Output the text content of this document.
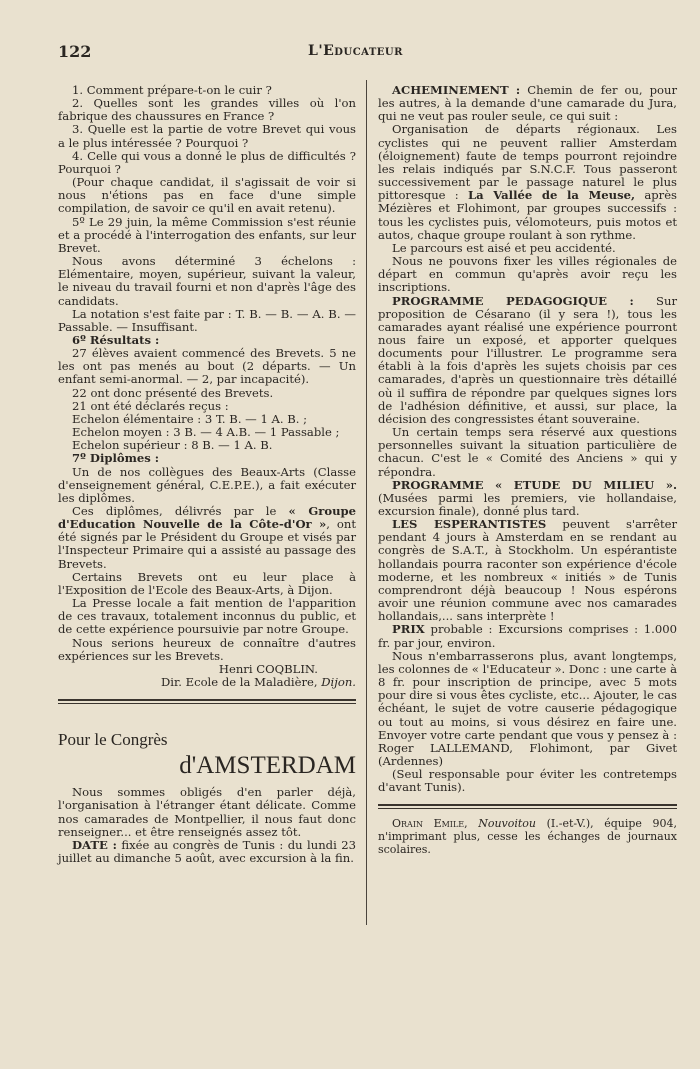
122	L'Educateur

1. Comment prépare-t-on le cuir ?

2. Quelles sont les grandes villes où l'on fabrique des chaussures en France ?

3. Quelle est la partie de votre Brevet qui vous a le plus intéressée ? Pourquoi ?

4. Celle qui vous a donné le plus de difficultés ? Pourquoi ?

(Pour chaque candidat, il s'agissait de voir si nous n'étions pas en face d'une simple compilation, de savoir ce qu'il en avait retenu).

5º Le 29 juin, la même Commission s'est réunie et a procédé à l'interrogation des enfants, sur leur Brevet.

Nous avons déterminé 3 échelons : Elémentaire, moyen, supérieur, suivant la valeur, le niveau du travail fourni et non d'après l'âge des candidats.

La notation s'est faite par : T. B. — B. — A. B. — Passable. — Insuffisant.

6º Résultats :

27 élèves avaient commencé des Brevets. 5 ne les ont pas menés au bout (2 départs. — Un enfant semi-anormal. — 2, par incapacité).

22 ont donc présenté des Brevets.

21 ont été déclarés reçus :

Echelon élémentaire : 3 T. B. — 1 A. B. ;

Echelon moyen : 3 B. — 4 A.B. — 1 Passable ;

Echelon supérieur : 8 B. — 1 A. B.

7º Diplômes :

Un de nos collègues des Beaux-Arts (Classe d'enseignement général, C.E.P.E.), a fait exécuter les diplômes.

Ces diplômes, délivrés par le « Groupe d'Education Nouvelle de la Côte-d'Or », ont été signés par le Président du Groupe et visés par l'Inspecteur Primaire qui a assisté au passage des Brevets.

Certains Brevets ont eu leur place à l'Exposition de l'Ecole des Beaux-Arts, à Dijon.

La Presse locale a fait mention de l'apparition de ces travaux, totalement inconnus du public, et de cette expérience poursuivie par notre Groupe.

Nous serions heureux de connaître d'autres expériences sur les Brevets.

Henri COQBLIN.

Dir. Ecole de la Maladière, Dijon.

Pour le Congrès
d'AMSTERDAM

Nous sommes obligés d'en parler déjà, l'organisation à l'étranger étant délicate. Comme nos camarades de Montpellier, il nous faut donc renseigner... et être renseignés assez tôt.

DATE : fixée au congrès de Tunis : du lundi 23 juillet au dimanche 5 août, avec excursion à la fin.

ACHEMINEMENT : Chemin de fer ou, pour les autres, à la demande d'une camarade du Jura, qui ne veut pas rouler seule, ce qui suit :

Organisation de départs régionaux. Les cyclistes qui ne peuvent rallier Amsterdam (éloignement) faute de temps pourront rejoindre les relais indiqués par S.N.C.F. Tous passeront successivement par le passage naturel le plus pittoresque : La Vallée de la Meuse, après Mézières et Flohimont, par groupes successifs : tous les cyclistes puis, vélomoteurs, puis motos et autos, chaque groupe roulant à son rythme.

Le parcours est aisé et peu accidenté.

Nous ne pouvons fixer les villes régionales de départ en commun qu'après avoir reçu les inscriptions.

PROGRAMME PEDAGOGIQUE : Sur proposition de Césarano (il y sera !), tous les camarades ayant réalisé une expérience pourront nous faire un exposé, et apporter quelques documents pour l'illustrer. Le programme sera établi à la fois d'après les sujets choisis par ces camarades, d'après un questionnaire très détaillé où il suffira de répondre par quelques signes lors de l'adhésion définitive, et aussi, sur place, la décision des congressistes étant souveraine.

Un certain temps sera réservé aux questions personnelles suivant la situation particulière de chacun. C'est le « Comité des Anciens » qui y répondra.

PROGRAMME « ETUDE DU MILIEU ». (Musées parmi les premiers, vie hollandaise, excursion finale), donné plus tard.

LES ESPERANTISTES peuvent s'arrêter pendant 4 jours à Amsterdam en se rendant au congrès de S.A.T., à Stockholm. Un espérantiste hollandais pourra raconter son expérience d'école moderne, et les nombreux « initiés » de Tunis comprendront déjà beaucoup ! Nous espérons avoir une réunion commune avec nos camarades hollandais,... sans interprète !

PRIX probable : Excursions comprises : 1.000 fr. par jour, environ.

Nous n'embarrasserons plus, avant longtemps, les colonnes de « l'Educateur ». Donc : une carte à 8 fr. pour inscription de principe, avec 5 mots pour dire si vous êtes cycliste, etc... Ajouter, le cas échéant, le sujet de votre causerie pédagogique ou tout au moins, si vous désirez en faire une. Envoyer votre carte pendant que vous y pensez à : Roger LALLEMAND, Flohimont, par Givet (Ardennes)

(Seul responsable pour éviter les contretemps d'avant Tunis).

Orain Emile, Nouvoitou (I.-et-V.), équipe 904, n'imprimant plus, cesse les échanges de journaux scolaires.
